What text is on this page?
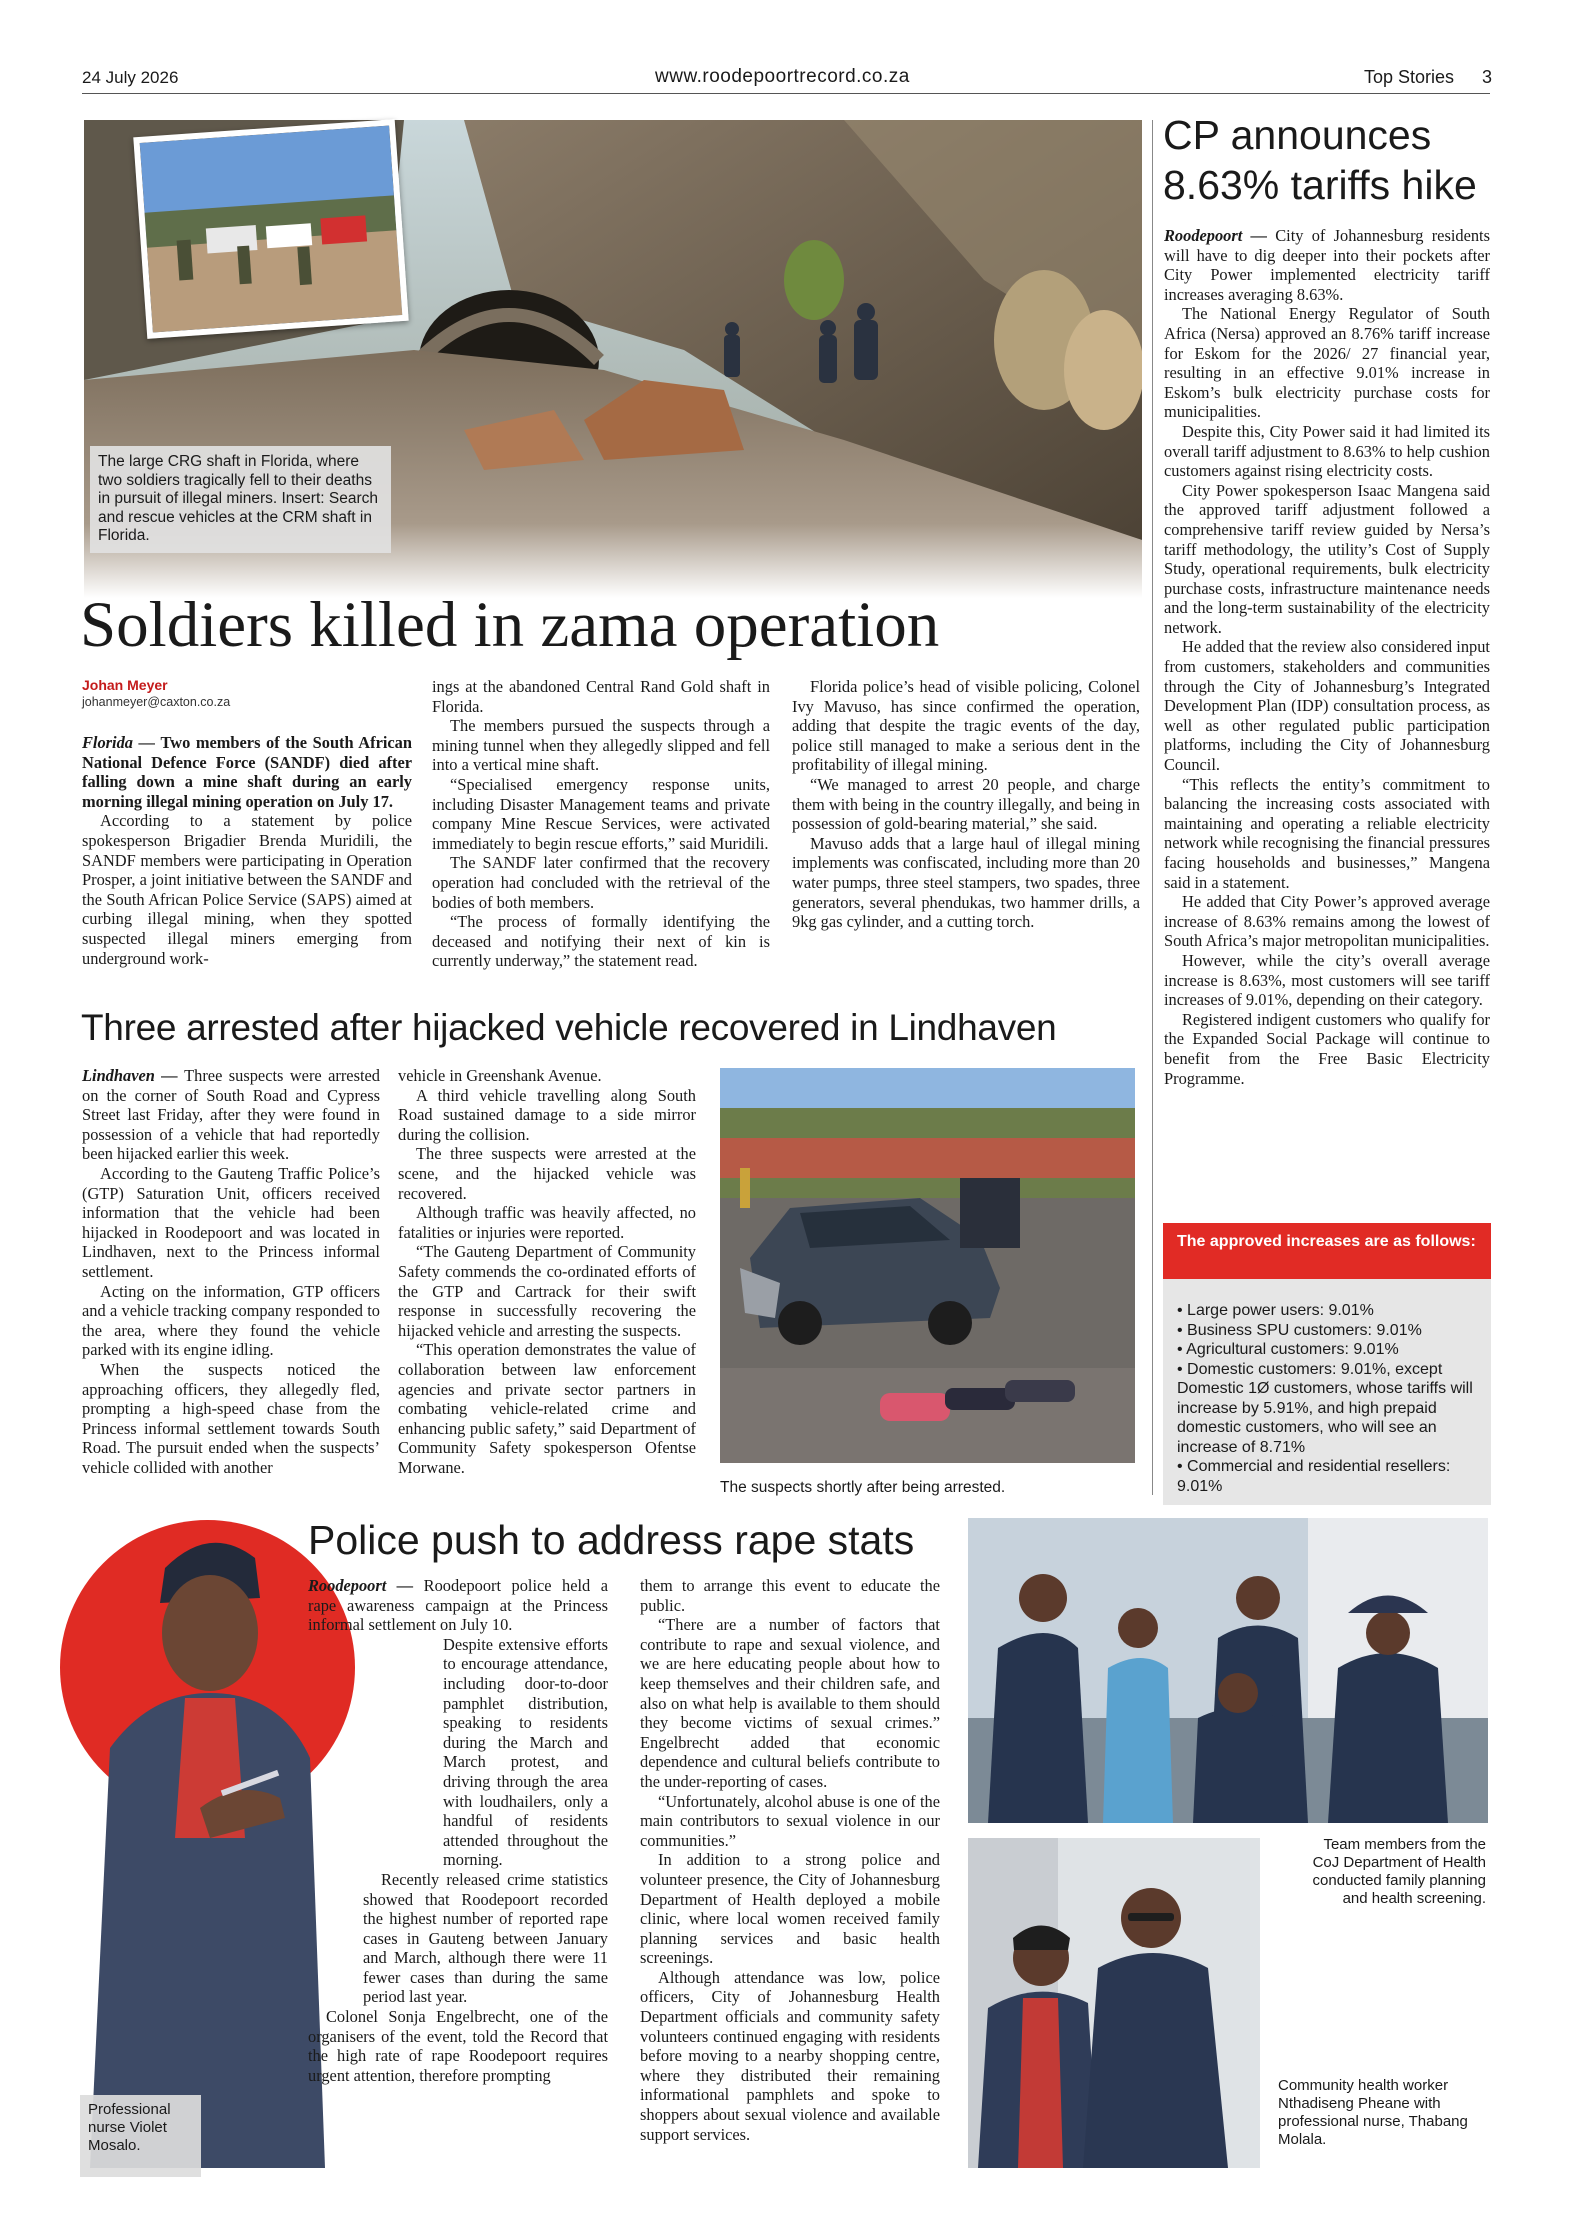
24 July 2026	www.roodepoortrecord.co.za	Top Stories 3
The large CRG shaft in Florida, where two soldiers tragically fell to their deaths in pursuit of illegal miners. Insert: Search and rescue vehicles at the CRM shaft in Florida.
Soldiers killed in zama operation
Johan Meyer
johanmeyer@caxton.co.za

Florida — Two members of the South African National Defence Force (SANDF) died after falling down a mine shaft during an early morning illegal mining operation on July 17.

According to a statement by police spokesperson Brigadier Brenda Muridili, the SANDF members were participating in Operation Prosper, a joint initiative between the SANDF and the South African Police Service (SAPS) aimed at curbing illegal mining, when they spotted suspected illegal miners emerging from underground work-

ings at the abandoned Central Rand Gold shaft in Florida.

The members pursued the suspects through a mining tunnel when they allegedly slipped and fell into a vertical mine shaft.

“Specialised emergency response units, including Disaster Management teams and private company Mine Rescue Services, were activated immediately to begin rescue efforts,” said Muridili.

The SANDF later confirmed that the recovery operation had concluded with the retrieval of the bodies of both members.

“The process of formally identifying the deceased and notifying their next of kin is currently underway,” the statement read.

Florida police’s head of visible policing, Colonel Ivy Mavuso, has since confirmed the operation, adding that despite the tragic events of the day, police still managed to make a serious dent in the profitability of illegal mining.

“We managed to arrest 20 people, and charge them with being in the country illegally, and being in possession of gold-bearing material,” she said.

Mavuso adds that a large haul of illegal mining implements was confiscated, including more than 20 water pumps, three steel stampers, two spades, three generators, several phendukas, two hammer drills, a 9kg gas cylinder, and a cutting torch.

CP announces
8.63% tariffs hike

Roodepoort — City of Johannesburg residents will have to dig deeper into their pockets after City Power implemented electricity tariff increases averaging 8.63%.

The National Energy Regulator of South Africa (Nersa) approved an 8.76% tariff increase for Eskom for the 2026/ 27 financial year, resulting in an effective 9.01% increase in Eskom’s bulk electricity purchase costs for municipalities.

Despite this, City Power said it had limited its overall tariff adjustment to 8.63% to help cushion customers against rising electricity costs.

City Power spokesperson Isaac Mangena said the approved tariff adjustment followed a comprehensive tariff review guided by Nersa’s tariff methodology, the utility’s Cost of Supply Study, operational requirements, bulk electricity purchase costs, infrastructure maintenance needs and the long-term sustainability of the electricity network.

He added that the review also considered input from customers, stakeholders and communities through the City of Johannesburg’s Integrated Development Plan (IDP) consultation process, as well as other regulated public participation platforms, including the City of Johannesburg Council.

“This reflects the entity’s commitment to balancing the increasing costs associated with maintaining and operating a reliable electricity network while recognising the financial pressures facing households and businesses,” Mangena said in a statement.

He added that City Power’s approved average increase of 8.63% remains among the lowest of South Africa’s major metropolitan municipalities.

However, while the city’s overall average increase is 8.63%, most customers will see tariff increases of 9.01%, depending on their category.

Registered indigent customers who qualify for the Expanded Social Package will continue to benefit from the Free Basic Electricity Programme.

The approved increases are as follows:
• Large power users: 9.01%
• Business SPU customers: 9.01%
• Agricultural customers: 9.01%
• Domestic customers: 9.01%, except Domestic 1Ø customers, whose tariffs will increase by 5.91%, and high prepaid domestic customers, who will see an increase of 8.71%
• Commercial and residential resellers: 9.01%
Three arrested after hijacked vehicle recovered in Lindhaven

Lindhaven — Three suspects were arrested on the corner of South Road and Cypress Street last Friday, after they were found in possession of a vehicle that had reportedly been hijacked earlier this week.

According to the Gauteng Traffic Police’s (GTP) Saturation Unit, officers received information that the vehicle had been hijacked in Roodepoort and was located in Lindhaven, next to the Princess informal settlement.

Acting on the information, GTP officers and a vehicle tracking company responded to the area, where they found the vehicle parked with its engine idling.

When the suspects noticed the approaching officers, they allegedly fled, prompting a high-speed chase from the Princess informal settlement towards South Road. The pursuit ended when the suspects’ vehicle collided with another

vehicle in Greenshank Avenue.

A third vehicle travelling along South Road sustained damage to a side mirror during the collision.

The three suspects were arrested at the scene, and the hijacked vehicle was recovered.

Although traffic was heavily affected, no fatalities or injuries were reported.

“The Gauteng Department of Community Safety commends the co-ordinated efforts of the GTP and Cartrack for their swift response in successfully recovering the hijacked vehicle and arresting the suspects.

“This operation demonstrates the value of collaboration between law enforcement agencies and private sector partners in combating vehicle-related crime and enhancing public safety,” said Department of Community Safety spokesperson Ofentse Morwane.

The suspects shortly after being arrested.
Professional nurse Violet Mosalo.
Police push to address rape stats

Roodepoort — Roodepoort police held a rape awareness campaign at the Princess informal settlement on July 10.

Despite extensive efforts to encourage attendance, including door-to-door pamphlet distribution, speaking to residents during the March and March protest, and driving through the area with loudhailers, only a handful of residents attended throughout the morning.

Recently released crime statistics showed that Roodepoort recorded the highest number of reported rape cases in Gauteng between January and March, although there were 11 fewer cases than during the same period last year.

Colonel Sonja Engelbrecht, one of the organisers of the event, told the Record that the high rate of rape Roodepoort requires urgent attention, therefore prompting

them to arrange this event to educate the public.

“There are a number of factors that contribute to rape and sexual violence, and we are here educating people about how to keep themselves and their children safe, and also on what help is available to them should they become victims of sexual crimes.” Engelbrecht added that economic dependence and cultural beliefs contribute to the under-reporting of cases.

“Unfortunately, alcohol abuse is one of the main contributors to sexual violence in our communities.”

In addition to a strong police and volunteer presence, the City of Johannesburg Department of Health deployed a mobile clinic, where local women received family planning services and basic health screenings.

Although attendance was low, police officers, City of Johannesburg Health Department officials and community safety volunteers continued engaging with residents before moving to a nearby shopping centre, where they distributed their remaining informational pamphlets and spoke to shoppers about sexual violence and available support services.

Team members from the CoJ Department of Health conducted family planning and health screening.
Community health worker Nthadiseng Pheane with professional nurse, Thabang Molala.
